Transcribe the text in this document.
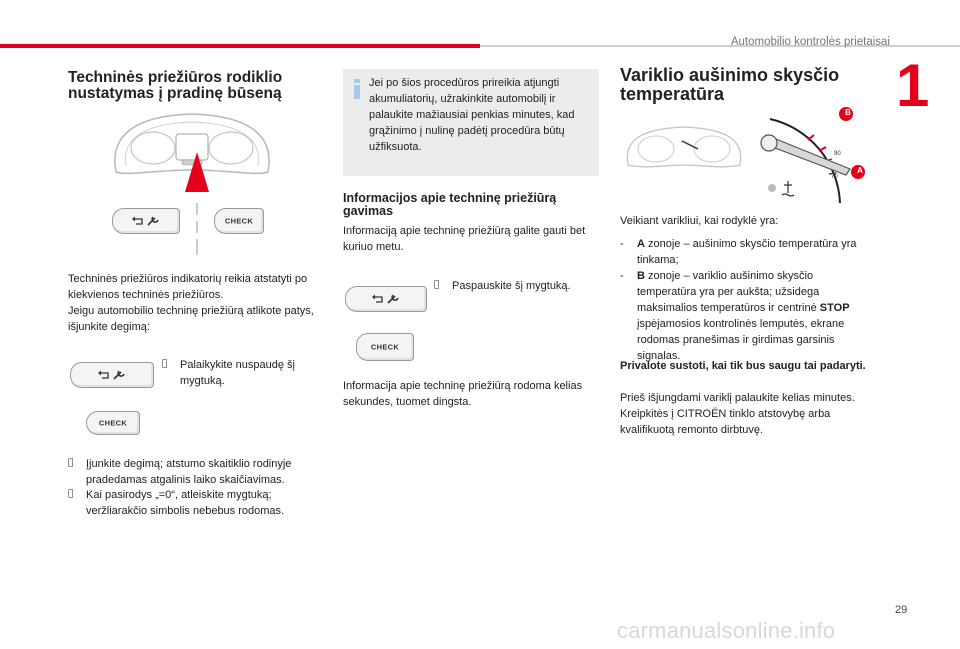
Automobilio kontrolės prietaisai
1
Techninės priežiūros rodiklio nustatymas į pradinę būseną
CHECK
Techninės priežiūros indikatorių reikia atstatyti po kiekvienos techninės priežiūros.
Jeigu automobilio techninę priežiūrą atlikote patys, išjunkite degimą:
Palaikykite nuspaudę šį mygtuką.
CHECK
Įjunkite degimą; atstumo skaitiklio rodinyje pradedamas atgalinis laiko skaičiavimas.
Kai pasirodys „=0“, atleiskite mygtuką; veržliarakčio simbolis nebebus rodomas.
Jei po šios procedūros prireikia atjungti akumuliatorių, užrakinkite automobilį ir palaukite mažiausiai penkias minutes, kad grąžinimo į nulinę padėtį procedūra būtų užfiksuota.
Informacijos apie techninę priežiūrą gavimas
Informaciją apie techninę priežiūrą galite gauti bet kuriuo metu.
Paspauskite šį mygtuką.
CHECK
Informacija apie techninę priežiūrą rodoma kelias sekundes, tuomet dingsta.
Variklio aušinimo skysčio temperatūra
90
70
B
A
Veikiant varikliui, kai rodyklė yra:
- A zonoje – aušinimo skysčio temperatūra yra tinkama;
- B zonoje – variklio aušinimo skysčio temperatūra yra per aukšta; užsidega maksimalios temperatūros ir centrinė STOP įspėjamosios kontrolinės lemputės, ekrane rodomas pranešimas ir girdimas garsinis signalas.
Privalote sustoti, kai tik bus saugu tai padaryti.
Prieš išjungdami variklį palaukite kelias minutes.
Kreipkitės į CITROËN tinklo atstovybę arba kvalifikuotą remonto dirbtuvę.
29
carmanualsonline.info
